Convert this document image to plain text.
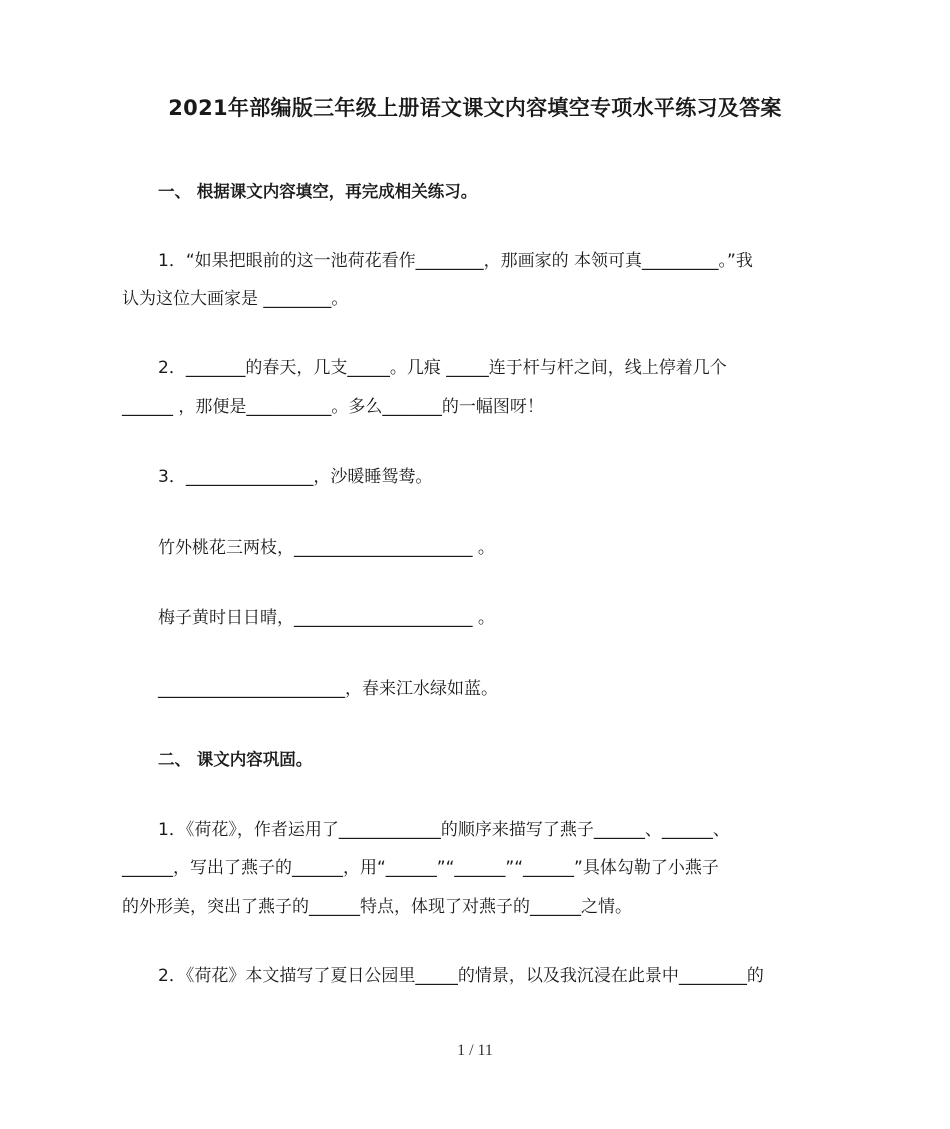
2021年部编版三年级上册语文课文内容填空专项水平练习及答案
一、 根据课文内容填空，再完成相关练习。
1．“如果把眼前的这一池荷花看作________，那画家的 本领可真_________。”我
认为这位大画家是 ________。
2．_______的春天，几支_____。几痕 _____连于杆与杆之间，线上停着几个
______ ，那便是__________。多么_______的一幅图呀！
3．_______________，沙暖睡鸳鸯。
竹外桃花三两枝，_____________________ 。
梅子黄时日日晴，_____________________ 。
______________________，春来江水绿如蓝。
二、 课文内容巩固。
1．《荷花》，作者运用了____________的顺序来描写了燕子______、______、
______，写出了燕子的______，用“______”“______”“______”具体勾勒了小燕子
的外形美，突出了燕子的______特点，体现了对燕子的______之情。
2．《荷花》本文描写了夏日公园里_____的情景，以及我沉浸在此景中________的
1 / 11
